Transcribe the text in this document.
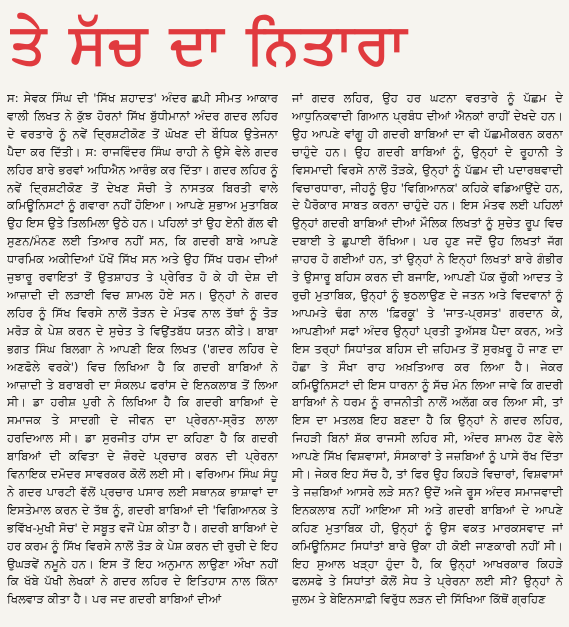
ਤੇ ਸੱਚ ਦਾ ਨਿਤਾਰਾ

ਸ: ਸੇਵਕ ਸਿੰਘ ਦੀ 'ਸਿੱਖ ਸ਼ਹਾਦਤ' ਅੰਦਰ ਛਪੀ ਸੀਮਤ ਆਕਾਰ ਵਾਲੀ ਲਿਖਤ ਨੇ ਕੁੱਝ ਹੋਰਨਾਂ ਸਿੱਖ ਬੁੱਧੀਮਾਨਾਂ ਅੰਦਰ ਗਦਰ ਲਹਿਰ ਦੇ ਵਰਤਾਰੇ ਨੂੰ ਨਵੇਂ ਦ੍ਰਿਸ਼ਟੀਕੋਣ ਤੋਂ ਘੋਖਣ ਦੀ ਬੌਧਿਕ ਉਤੇਜਨਾ ਪੈਦਾ ਕਰ ਦਿੱਤੀ। ਸ: ਰਾਜਵਿੰਦਰ ਸਿੰਘ ਰਾਹੀ ਨੇ ਉਸੇ ਵੇਲੇ ਗਦਰ ਲਹਿਰ ਬਾਰੇ ਭਰਵਾਂ ਅਧਿਐਨ ਆਰੰਭ ਕਰ ਦਿੱਤਾ। ਗਦਰ ਲਹਿਰ ਨੂੰ ਨਵੇਂ ਦ੍ਰਿਸ਼ਟੀਕੋਣ ਤੋਂ ਦੇਖਣ ਸੋਚੀ ਤੇ ਨਾਸਤਕ ਬਿਰਤੀ ਵਾਲੇ ਕਮਿਊਨਿਸਟਾਂ ਨੂੰ ਗਵਾਰਾ ਨਹੀਂ ਹੋਇਆ। ਆਪਣੇ ਸੁਭਾਅ ਮੁਤਾਬਿਕ ਉਹ ਇਸ ਉਤੇ ਤਿਲਮਿਲਾ ਉਠੇ ਹਨ। ਪਹਿਲਾਂ ਤਾਂ ਉਹ ਏਨੀ ਗੱਲ ਵੀ ਸੁਣਨ/ਮੰਨਣ ਲਈ ਤਿਆਰ ਨਹੀਂ ਸਨ, ਕਿ ਗਦਰੀ ਬਾਬੇ ਆਪਣੇ ਧਾਰਮਿਕ ਅਕੀਦਿਆਂ ਪੱਖੋਂ ਸਿੱਖ ਸਨ ਅਤੇ ਉਹ ਸਿੱਖ ਧਰਮ ਦੀਆਂ ਜੁਝਾਰੂ ਰਵਾਇਤਾਂ ਤੋਂ ਉਤਸ਼ਾਹਤ ਤੇ ਪ੍ਰੇਰਿਤ ਹੋ ਕੇ ਹੀ ਦੇਸ਼ ਦੀ ਆਜ਼ਾਦੀ ਦੀ ਲੜਾਈ ਵਿਚ ਸ਼ਾਮਲ ਹੋਏ ਸਨ। ਉਨ੍ਹਾਂ ਨੇ ਗਦਰ ਲਹਿਰ ਨੂੰ ਸਿੱਖ ਵਿਰਸੇ ਨਾਲੋਂ ਤੋੜਨ ਦੇ ਮੰਤਵ ਨਾਲ ਤੱਥਾਂ ਨੂੰ ਤੋੜ ਮਰੋੜ ਕੇ ਪੇਸ਼ ਕਰਨ ਦੇ ਸੁਚੇਤ ਤੇ ਵਿਉਂਤਬੱਧ ਯਤਨ ਕੀਤੇ। ਬਾਬਾ ਭਗਤ ਸਿੰਘ ਬਿਲਗਾ ਨੇ ਆਪਣੀ ਇਕ ਲਿਖਤ ('ਗਦਰ ਲਹਿਰ ਦੇ ਅਣਫੋਲੇ ਵਰਕੇ') ਵਿਚ ਲਿਖਿਆ ਹੈ ਕਿ ਗਦਰੀ ਬਾਬਿਆਂ ਨੇ ਆਜ਼ਾਦੀ ਤੇ ਬਰਾਬਰੀ ਦਾ ਸੰਕਲਪ ਫਰਾਂਸ ਦੇ ਇਨਕਲਾਬ ਤੋਂ ਲਿਆ ਸੀ। ਡਾ ਹਰੀਸ਼ ਪੁਰੀ ਨੇ ਲਿਖਿਆ ਹੈ ਕਿ ਗਦਰੀ ਬਾਬਿਆਂ ਦੇ ਸਮਾਜਕ ਤੇ ਸਾਦਗੀ ਦੇ ਜੀਵਨ ਦਾ ਪ੍ਰੇਰਨਾ-ਸ੍ਰੋਤ ਲਾਲਾ ਹਰਦਿਆਲ ਸੀ। ਡਾ ਸੁਰਜੀਤ ਹਾਂਸ ਦਾ ਕਹਿਣਾ ਹੈ ਕਿ ਗਦਰੀ ਬਾਬਿਆਂ ਦੀ ਕਵਿਤਾ ਦੇ ਜ਼ੋਰਦੇ ਪ੍ਰਚਾਰ ਕਰਨ ਦੀ ਪ੍ਰੇਰਨਾ ਵਿਨਾਇਕ ਦਮੋਦਰ ਸਾਵਰਕਰ ਕੋਲੋਂ ਲਈ ਸੀ। ਵਰਿਆਮ ਸਿੰਘ ਸੰਧੂ ਨੇ ਗਦਰ ਪਾਰਟੀ ਵੱਲੋਂ ਪ੍ਰਚਾਰ ਪਸਾਰ ਲਈ ਸਥਾਨਕ ਭਾਸ਼ਾਵਾਂ ਦਾ ਇਸਤੇਮਾਲ ਕਰਨ ਦੇ ਤੱਥ ਨੂੰ, ਗਦਰੀ ਬਾਬਿਆਂ ਦੀ 'ਵਿਗਿਆਨਕ ਤੇ ਭਵਿੱਖ-ਮੁਖੀ ਸੋਚ' ਦੇ ਸਬੂਤ ਵਜੋਂ ਪੇਸ਼ ਕੀਤਾ ਹੈ। ਗਦਰੀ ਬਾਬਿਆਂ ਦੇ ਹਰ ਕਰਮ ਨੂੰ ਸਿੱਖ ਵਿਰਸੇ ਨਾਲੋਂ ਤੋੜ ਕੇ ਪੇਸ਼ ਕਰਨ ਦੀ ਰੁਚੀ ਦੇ ਇਹ ਉਘੜਵੇਂ ਨਮੂਨੇ ਹਨ। ਇਸ ਤੋਂ ਇਹ ਅਨੁਮਾਨ ਲਾਉਣਾ ਔਖਾ ਨਹੀਂ ਕਿ ਖੱਬੇ ਪੱਖੀ ਲੇਖਕਾਂ ਨੇ ਗਦਰ ਲਹਿਰ ਦੇ ਇਤਿਹਾਸ ਨਾਲ ਕਿੰਨਾ ਖਿਲਵਾੜ ਕੀਤਾ ਹੈ। ਪਰ ਜਦ ਗਦਰੀ ਬਾਬਿਆਂ ਦੀਆਂ

ਜਾਂ ਗਦਰ ਲਹਿਰ, ਉਹ ਹਰ ਘਟਨਾ ਵਰਤਾਰੇ ਨੂੰ ਪੱਛਮ ਦੇ ਆਧੁਨਿਕਵਾਦੀ ਗਿਆਨ ਪ੍ਰਬੰਧ ਦੀਆਂ ਐਨਕਾਂ ਰਾਹੀਂ ਦੇਖਦੇ ਹਨ। ਉਹ ਆਪਣੇ ਵਾਂਗੂ ਹੀ ਗਦਰੀ ਬਾਬਿਆਂ ਦਾ ਵੀ ਪੱਛਮੀਕਰਨ ਕਰਨਾ ਚਾਹੁੰਦੇ ਹਨ। ਉਹ ਗਦਰੀ ਬਾਬਿਆਂ ਨੂੰ, ਉਨ੍ਹਾਂ ਦੇ ਰੂਹਾਨੀ ਤੇ ਵਿਸਮਾਦੀ ਵਿਰਸੇ ਨਾਲੋਂ ਤੋੜਕੇ, ਉਨ੍ਹਾਂ ਨੂੰ ਪੱਛਮ ਦੀ ਪਦਾਰਥਵਾਦੀ ਵਿਚਾਰਧਾਰਾ, ਜੀਹਨੂੰ ਉਹ 'ਵਿਗਿਆਨਕ' ਕਹਿਕੇ ਵਡਿਆਉਂਦੇ ਹਨ, ਦੇ ਪੈਰੋਕਾਰ ਸਾਬਤ ਕਰਨਾ ਚਾਹੁੰਦੇ ਹਨ। ਇਸ ਮੰਤਵ ਲਈ ਪਹਿਲਾਂ ਉਨ੍ਹਾਂ ਗਦਰੀ ਬਾਬਿਆਂ ਦੀਆਂ ਮੌਲਿਕ ਲਿਖਤਾਂ ਨੂੰ ਸੁਚੇਤ ਰੂਪ ਵਿਚ ਦਬਾਈ ਤੇ ਛੁਪਾਈ ਰੱਖਿਆ। ਪਰ ਹੁਣ ਜਦੋਂ ਉਹ ਲਿਖਤਾਂ ਜੱਗ ਜ਼ਾਹਰ ਹੋ ਗਈਆਂ ਹਨ, ਤਾਂ ਉਨ੍ਹਾਂ ਨੇ ਇਨ੍ਹਾਂ ਲਿਖਤਾਂ ਬਾਰੇ ਗੰਭੀਰ ਤੇ ਉਸਾਰੂ ਬਹਿਸ ਕਰਨ ਦੀ ਬਜਾਇ, ਆਪਣੀ ਪੱਕ ਚੁੱਕੀ ਆਦਤ ਤੇ ਰੁਚੀ ਮੁਤਾਬਿਕ, ਉਨ੍ਹਾਂ ਨੂੰ ਝੁਠਲਾਉਣ ਦੇ ਜਤਨ ਅਤੇ ਵਿਦਵਾਨਾਂ ਨੂੰ ਆਪਮਤੇ ਢੰਗ ਨਾਲ 'ਫ਼ਿਰਕੂ' ਤੇ 'ਜਾਤ-ਪ੍ਰਸਤ' ਗਰਦਾਨ ਕੇ, ਆਪਣੀਆਂ ਸਫਾਂ ਅੰਦਰ ਉਨ੍ਹਾਂ ਪ੍ਰਤੀ ਤੁਅੱਸਬ ਪੈਦਾ ਕਰਨ, ਅਤੇ ਇਸ ਤਰ੍ਹਾਂ ਸਿਧਾਂਤਕ ਬਹਿਸ ਦੀ ਜ਼ਹਿਮਤ ਤੋਂ ਸੁਰਖ਼ਰੂ ਹੋ ਜਾਣ ਦਾ ਹੋਛਾ ਤੇ ਸੌਖਾ ਰਾਹ ਅਖ਼ਤਿਆਰ ਕਰ ਲਿਆ ਹੈ। ਜੇਕਰ ਕਮਿਊਨਿਸਟਾਂ ਦੀ ਇਸ ਧਾਰਨਾ ਨੂੰ ਸੱਚ ਮੰਨ ਲਿਆ ਜਾਵੇ ਕਿ ਗਦਰੀ ਬਾਬਿਆਂ ਨੇ ਧਰਮ ਨੂੰ ਰਾਜਨੀਤੀ ਨਾਲੋਂ ਅਲੱਗ ਕਰ ਲਿਆ ਸੀ, ਤਾਂ ਇਸ ਦਾ ਮਤਲਬ ਇਹ ਬਣਦਾ ਹੈ ਕਿ ਉਨ੍ਹਾਂ ਨੇ ਗਦਰ ਲਹਿਰ, ਜਿਹੜੀ ਬਿਨਾਂ ਸ਼ੱਕ ਰਾਜਸੀ ਲਹਿਰ ਸੀ, ਅੰਦਰ ਸ਼ਾਮਲ ਹੋਣ ਵੇਲੇ ਆਪਣੇ ਸਿੱਖ ਵਿਸ਼ਵਾਸਾਂ, ਸੰਸਕਾਰਾਂ ਤੇ ਜਜ਼ਬਿਆਂ ਨੂੰ ਪਾਸੇ ਰੱਖ ਦਿੱਤਾ ਸੀ। ਜੇਕਰ ਇਹ ਸੱਚ ਹੈ, ਤਾਂ ਫਿਰ ਉਹ ਕਿਹੜੇ ਵਿਚਾਰਾਂ, ਵਿਸ਼ਵਾਸਾਂ ਤੇ ਜਜ਼ਬਿਆਂ ਆਸਰੇ ਲੜੇ ਸਨ? ਉਦੋਂ ਅਜੇ ਰੂਸ ਅੰਦਰ ਸਮਾਜਵਾਦੀ ਇਨਕਲਾਬ ਨਹੀਂ ਆਇਆ ਸੀ ਅਤੇ ਗਦਰੀ ਬਾਬਿਆਂ ਦੇ ਆਪਣੇ ਕਹਿਣ ਮੁਤਾਬਿਕ ਹੀ, ਉਨ੍ਹਾਂ ਨੂੰ ਉਸ ਵਕਤ ਮਾਰਕਸਵਾਦ ਜਾਂ ਕਮਿਊਨਿਸਟ ਸਿਧਾਂਤਾਂ ਬਾਰੇ ਉਕਾ ਹੀ ਕੋਈ ਜਾਣਕਾਰੀ ਨਹੀਂ ਸੀ। ਇਹ ਸੁਆਲ ਖੜ੍ਹਾ ਹੁੰਦਾ ਹੈ, ਕਿ ਉਨ੍ਹਾਂ ਆਖਰਕਾਰ ਕਿਹੜੇ ਫਲਸਫੇ ਤੇ ਸਿਧਾਂਤਾਂ ਕੋਲੋਂ ਸੇਧ ਤੇ ਪ੍ਰੇਰਨਾ ਲਈ ਸੀ? ਉਨ੍ਹਾਂ ਨੇ ਜ਼ੁਲਮ ਤੇ ਬੇਇਨਸਾਫ਼ੀ ਵਿਰੁੱਧ ਲੜਨ ਦੀ ਸਿੱਖਿਆ ਕਿੱਥੋਂ ਗ੍ਰਹਿਣ
